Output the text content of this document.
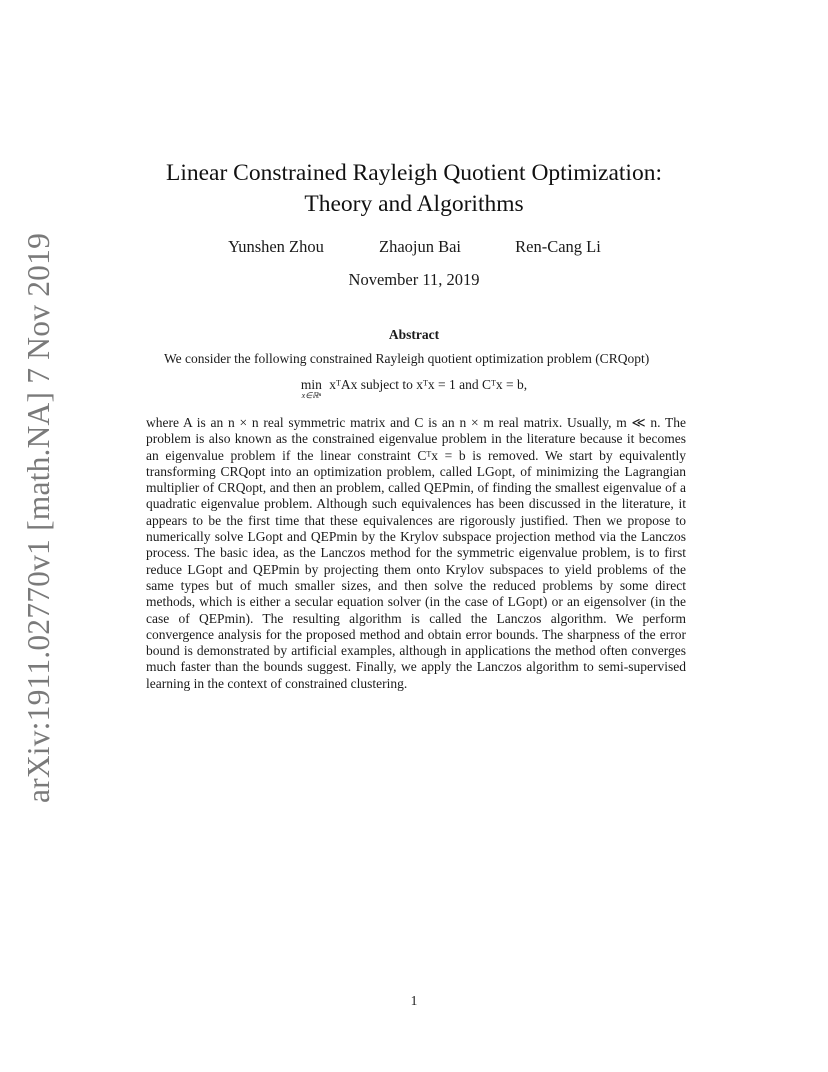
arXiv:1911.02770v1 [math.NA] 7 Nov 2019
Linear Constrained Rayleigh Quotient Optimization:
Theory and Algorithms
Yunshen Zhou	Zhaojun Bai	Ren-Cang Li
November 11, 2019
Abstract
We consider the following constrained Rayleigh quotient optimization problem (CRQopt)
min
x∈ℝⁿ
xᵀAx subject to xᵀx = 1 and Cᵀx = b,
where A is an n × n real symmetric matrix and C is an n × m real matrix. Usually, m ≪ n. The problem is also known as the constrained eigenvalue problem in the literature because it becomes an eigenvalue problem if the linear constraint Cᵀx = b is removed. We start by equivalently transforming CRQopt into an optimization problem, called LGopt, of minimizing the Lagrangian multiplier of CRQopt, and then an problem, called QEPmin, of finding the smallest eigenvalue of a quadratic eigenvalue problem. Although such equivalences has been discussed in the literature, it appears to be the first time that these equivalences are rigorously justified. Then we propose to numerically solve LGopt and QEPmin by the Krylov subspace projection method via the Lanczos process. The basic idea, as the Lanczos method for the symmetric eigenvalue problem, is to first reduce LGopt and QEPmin by projecting them onto Krylov subspaces to yield problems of the same types but of much smaller sizes, and then solve the reduced problems by some direct methods, which is either a secular equation solver (in the case of LGopt) or an eigensolver (in the case of QEPmin). The resulting algorithm is called the Lanczos algorithm. We perform convergence analysis for the proposed method and obtain error bounds. The sharpness of the error bound is demonstrated by artificial examples, although in applications the method often converges much faster than the bounds suggest. Finally, we apply the Lanczos algorithm to semi-supervised learning in the context of constrained clustering.
1
